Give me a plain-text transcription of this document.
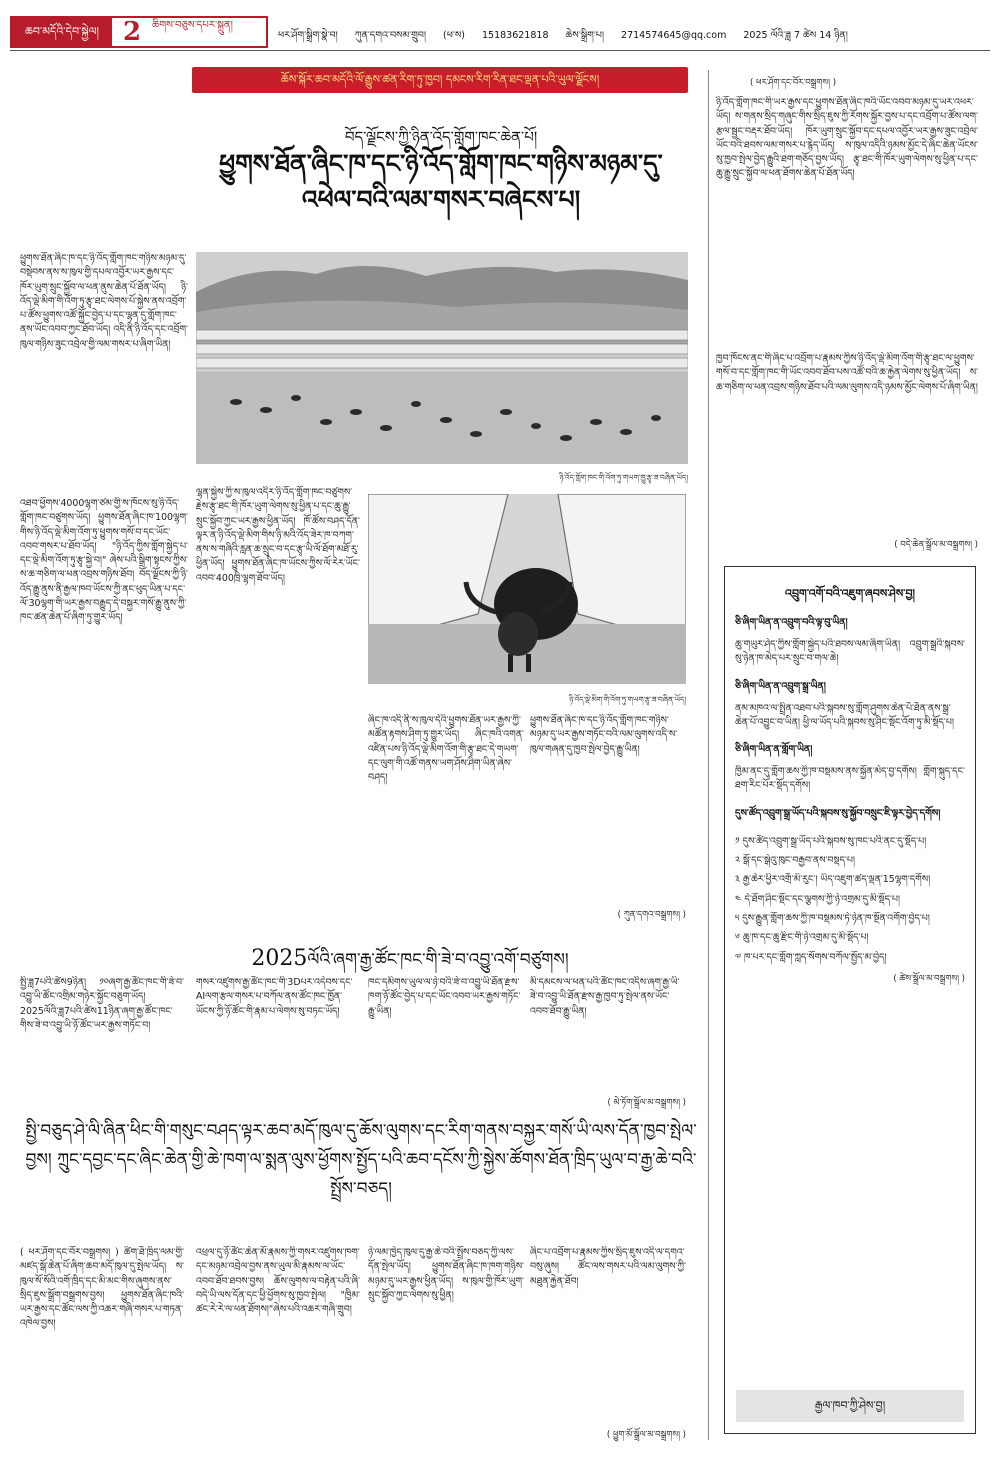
ཆབ་མདོའི་དེབ་སྐྱེལ། 2	ཆིགས་བཅུས་དཔར་སྐྲུན།
ཕར་ཤོག་སྒྲིག་སྣེ་བ། ཀུན་དགའ་བསམ་གྲུབ། (ཕ་ས) 15183621818 ཆེས་སྒྲིག་པ། 2714574645@qq.com 2025 ལོའི་ཟླ 7 ཚེས 14 ཉིན།
ཆོས་སྐོར་ཆབ་མདོའི་ལོ་རྒྱུས་ཚན་རིག་ཏུ་ཁྱབ། དམངས་རིག་རིན་ཐང་ལྡན་པའི་ཡུལ་ལྗོངས།
བོད་ལྗོངས་ཀྱི་ཉིན་འོད་གློག་ཁང་ཆེན་པོ།
ཕྱུགས་ཐོན་ཞིང་ཁ་དང་ཉི་འོད་གློག་ཁང་གཉིས་མཉམ་དུ་འཕེལ་བའི་ལམ་གསར་བཞེངས་པ།
ཕྱུགས་ཐོན་ཞིང་ཁ་དང་ཉི་འོད་གློག་ཁང་གཉིས་མཉམ་དུ་བསྡེབས་ནས་ས་ཁུལ་གྱི་དཔལ་འབྱོར་ཡར་རྒྱས་དང་ཁོར་ཡུག་སྲུང་སྐྱོབ་ལ་ཕན་ནུས་ཆེན་པོ་ཐོན་ཡོད། ཉི་འོད་ལྡེ་མིག་གི་འོག་ཏུ་རྩྭ་ཐང་ལེགས་པོ་སྐྱེས་ནས་འབྲོག་པ་ཚོས་ཕྱུགས་འཚོ་སྐྱོང་བྱེད་པ་དང་ལྷན་དུ་གློག་ཁང་ནས་ཡོང་འབབ་ཀྱང་ཐོབ་ཡོད། འདི་ནི་ཉི་འོད་དང་འབྲོག་ཁུལ་གཉིས་ཟུང་འབྲེལ་གྱི་ལམ་གསར་པ་ཞིག་ཡིན།
ཉི་འོད་གློག་ཁང་གི་འོག་ཏུ་གཡག་ཁྱུ་རྩྭ་ཟ་བཞིན་ཡོད།
འཐབ་ཕྱོགས་4000ལྷག་ཙམ་གྱི་ས་ཁོངས་སུ་ཉི་འོད་གློག་ཁང་བཙུགས་ཡོད། ཕྱུགས་ཐོན་ཞིང་ཁ་100ལྷག་གིས་ཉི་འོད་ལྡེ་མིག་འོག་ཏུ་ཕྱུགས་གསོ་བ་དང་ཡོང་འབབ་གསར་པ་ཐོབ་ཡོད། "ཉི་འོད་ཀྱིས་གློག་སྐྱེད་པ་དང་ལྡེ་མིག་འོག་ཏུ་རྩྭ་སྐྱེ་བ།" ཞེས་པའི་སྒྲིག་སྟངས་ཀྱིས་ས་ཆ་གཅིག་ལ་ཕན་འབྲས་གཉིས་ཐོབ། བོད་ལྗོངས་ཀྱི་ཉི་འོད་རྒྱུ་ནུས་ནི་རྒྱལ་ཁབ་ཡོངས་ཀྱི་ནང་ཕུད་ཡིན་པ་དང་ལོ་30ལྷག་གི་ཡར་རྒྱས་བརྒྱུད་དེ་བསྐྱར་གསོ་རྒྱུ་ནུས་ཀྱི་ཁང་ཚན་ཆེན་པོ་ཞིག་ཏུ་གྱུར་ཡོད།
ལྷན་སྐྱེས་ཀྱི་ས་ཁུལ་འདིར་ཉི་འོད་གློག་ཁང་བཙུགས་རྗེས་རྩྭ་ཐང་གི་ཁོར་ཡུག་ལེགས་སུ་ཕྱིན་པ་དང་ཆུ་རྒྱུ་སྲུང་སྐྱོབ་ཀྱང་ཡར་རྒྱས་ཕྱིན་ཡོད། ཁོ་ཚོས་བཤད་དོན་ལྟར་ན་ཉི་འོད་ལྡེ་མིག་གིས་ཉི་མའི་འོད་ཟེར་ཁ་བཀག་ནས་ས་གཞིའི་རླན་ཆ་སྲུང་བ་དང་རྩྭ་ཡི་ལོ་ཐོག་མཐོ་རུ་ཕྱིན་ཡོད། ཕྱུགས་ཐོན་ཞིང་ཁ་ཡོངས་ཀྱིས་ལོ་རེར་ཡོང་འབབ་400ཁྲི་ལྷག་ཐོབ་ཡོད།
ཉི་འོད་ལྡེ་མིག་གི་འོག་ཏུ་གཡག་རྩྭ་ཟ་བཞིན་ཡོད།
ཞིང་ཁ་འདི་ནི་ས་ཁུལ་དེའི་ཕྱུགས་ཐོན་ཡར་རྒྱས་ཀྱི་མཚོན་རྟགས་ཤིག་ཏུ་གྱུར་ཡོད། ཞིང་ཁའི་འགན་འཛིན་པས་ཉི་འོད་ལྡེ་མིག་འོག་གི་རྩྭ་ཐང་དེ་གཡག་དང་ལུག་གི་འཚོ་གནས་ཡག་ཤོས་ཤིག་ཡིན་ཞེས་བཤད།
ཕྱུགས་ཐོན་ཞིང་ཁ་དང་ཉི་འོད་གློག་ཁང་གཉིས་མཉམ་དུ་ཡར་རྒྱས་གཏོང་བའི་ལམ་ལུགས་འདི་ས་ཁུལ་གཞན་དུ་ཁྱབ་སྤེལ་བྱེད་རྒྱུ་ཡིན།
( ཀུན་དགའ་བསྒྲགས། )
2025ལོའི་ཞག་རྒྱ་ཚོང་ཁང་གི་ཟེ་བ་འབྱུ་འགོ་བཙུགས།
སྤྱི་ཟླ7པའི་ཚེས9ཉིན། ༡༠ཞག་རྒྱ་ཚོང་ཁང་གི་ཟེ་བ་འབྱུ་ཡི་ཚོང་འགྲིམ་གཉེར་སྐྱོང་བཅུག་ཡོད། 2025ལོའི་ཟླ7པའི་ཚེས11ཉིན་ཞག་རྒྱ་ཚོང་ཁང་གིས་ཟེ་བ་འབྱུ་ཡི་ཉོ་ཚོང་ཡར་རྒྱས་གཏོང་བ།
གསར་འཛུགས་རྒྱ་ཚོང་ཁང་གི་3Dཔར་འདེབས་དང་AIལག་རྩལ་གསར་པ་བཀོལ་ནས་ཚོང་ཁང་ཁྱོན་ཡོངས་ཀྱི་ཉོ་ཚོང་གི་རྣམ་པ་ལེགས་སུ་བཏང་ཡོད།
ཁང་དམིགས་ཡུལ་ལ་ཉེ་བའི་ཟེ་བ་འབྱུ་ཡི་ཐོན་རྫས་ཁག་ཉོ་ཚོང་བྱེད་པ་དང་ཡོང་འབབ་ཡར་རྒྱས་གཏོང་རྒྱུ་ཡིན།
མི་དམངས་ལ་ཕན་པའི་ཚོང་ཁང་འདིས་ཞག་རྒྱ་ཡི་ཟེ་བ་འབྱུ་ཡི་ཐོན་རྫས་རྒྱ་ཁྱབ་ཏུ་སྤེལ་ནས་ཡོང་འབབ་ཐོབ་རྒྱུ་ཡིན།
( མེ་ཏོག་སྒྲོལ་མ་བསྒྲགས། )
སྤྱི་བཅུད་ཤེ་ལི་ཞིན་ཕིང་གི་གསུང་བཤད་ལྟར་ཆབ་མདོ་ཁུལ་དུ་ཆོས་ལུགས་དང་རིག་གནས་བསྐྱར་གསོ་ཡི་ལས་དོན་ཁྱབ་སྤེལ་བྱས། ཀྲུང་དབྱང་དང་ཞིང་ཆེན་གྱི་ཆེ་ཁག་ལ་སྨན་ལུས་ཕྱོགས་སྤྱོད་པའི་ཆབ་དངོས་ཀྱི་སྐྱེས་ཚོགས་ཐོན་ཁྲིད་ཡུལ་བ་རྒྱ་ཆེ་བའི་སྤྲོས་བཅད།
( ཕར་ཤོག་དང་བོར་བསྒྲགས། ) ཚིག་ཐོ་ཁྲིད་ལམ་གྱི་མཛད་སྒོ་ཆེན་པོ་ཞིག་ཆབ་མདོ་ཁུལ་དུ་སྤེལ་ཡོད། ས་ཁུལ་སོ་སོའི་འགོ་ཁྲིད་དང་མི་མང་གིས་ཞུགས་ནས་སྲིད་ཇུས་སྒྲོག་བསྒྲགས་བྱས། ཕྱུགས་ཐོན་ཞིང་ཁའི་ཡར་རྒྱས་དང་ཚོང་ལས་ཀྱི་འཆར་གཞི་གསར་པ་གཏན་འཁེལ་བྱས།
འཕྲལ་དུ་ཉོ་ཚོང་ཆེན་མོ་རྣམས་ཀྱི་གསར་འཛུགས་ཁག་དང་མཉམ་འབྲེལ་བྱས་ནས་ཡུལ་མི་རྣམས་ལ་ཡོང་འབབ་ཐོབ་ཐབས་བྱས། ཆོས་ལུགས་ལ་བརྟེན་པའི་ཞི་བདེ་ཡི་ལས་དོན་དང་ཕྱི་ཕྱོགས་སུ་ཁྱབ་སྤེལ། "ཁྱིམ་ཚང་རེ་རེ་ལ་ཕན་ཐོགས།"ཞེས་པའི་འཆར་གཞི་གྲུབ།
ཉེ་ལམ་ཁྱེད་ཁུལ་དུ་རྒྱ་ཆེ་བའི་སྤྲོས་བཅད་ཀྱི་ལས་དོན་སྤེལ་ཡོད། ཕྱུགས་ཐོན་ཞིང་ཁ་ཁག་གཉིས་མཉམ་དུ་ཡར་རྒྱས་ཕྱིན་ཡོད། ས་ཁུལ་གྱི་ཁོར་ཡུག་སྲུང་སྐྱོབ་ཀྱང་ལེགས་སུ་ཕྱིན།
ཞིང་པ་འབྲོག་པ་རྣམས་ཀྱིས་སྲིད་ཇུས་འདི་ལ་དགའ་བསུ་ཞུས། ཚོང་ལས་གསར་པའི་ལམ་ལུགས་ཀྱི་མཐུན་རྐྱེན་ཐོབ།
( ཕྱུག་མོ་སྒྲོལ་མ་བསྒྲགས། )
( ཕར་ཤོག་དང་བོར་བསྒྲགས། )
ཉི་འོད་གློག་ཁང་གི་ཡར་རྒྱས་དང་ཕྱུགས་ཐོན་ཞིང་ཁའི་ཡོང་འབབ་མཉམ་དུ་ཡར་འཕར་ཡོད། ས་གནས་སྲིད་གཞུང་གིས་སྲིད་ཇུས་ཀྱི་རོགས་སྐྱོར་བྱས་པ་དང་འབྲོག་པ་ཚོས་ལག་རྩལ་སྦྱང་བརྡར་ཐོབ་ཡོད། ཁོར་ཡུག་སྲུང་སྐྱོབ་དང་དཔལ་འབྱོར་ཡར་རྒྱས་ཟུང་འབྲེལ་ཡོང་བའི་ཐབས་ལམ་གསར་པ་རྙེད་ཡོད། ས་ཁུལ་འདིའི་ཉམས་མྱོང་དེ་ཞིང་ཆེན་ཡོངས་སུ་ཁྱབ་སྤེལ་བྱེད་རྒྱུའི་ཐག་གཅོད་བྱས་ཡོད། རྩྭ་ཐང་གི་ཁོར་ཡུག་ལེགས་སུ་ཕྱིན་པ་དང་ཆུ་རྒྱུ་སྲུང་སྐྱོབ་ལ་ཕན་ཐོགས་ཆེན་པོ་ཐོན་ཡོད།
ཁྱབ་ཁོངས་ནང་གི་ཞིང་པ་འབྲོག་པ་རྣམས་ཀྱིས་ཉི་འོད་ལྡེ་མིག་འོག་གི་རྩྭ་ཐང་ལ་ཕྱུགས་གསོ་བ་དང་གློག་ཁང་གི་ཡོང་འབབ་ཐོབ་པས་འཚོ་བའི་ཆ་རྐྱེན་ལེགས་སུ་ཕྱིན་ཡོད། ས་ཆ་གཅིག་ལ་ཕན་འབྲས་གཉིས་ཐོབ་པའི་ལམ་ལུགས་འདི་ཉམས་མྱོང་ལེགས་པོ་ཞིག་ཡིན།
( བདེ་ཆེན་སྒྲོལ་མ་བསྒྲགས། )
འབྲུག་འགོ་བའི་འཇུག་ཞབས་ཤེས་བྱ།
ཅི་ཞིག་ཡིན་ན་འབྲུག་བའི་ལྟ་བུ་ཡིན།
ཆུ་གཡུར་ཤེད་ཀྱིས་གློག་སྐྱེད་པའི་ཐབས་ལམ་ཞིག་ཡིན། འབྲུག་སྒྲའི་སྐབས་སུ་ཉེན་ཁ་མེད་པར་སྲུང་བ་གལ་ཆེ།
ཅི་ཞིག་ཡིན་ན་འབྲུག་སྒྲ་ཡིན།
ནམ་མཁའ་ལ་སྤྲིན་འཐབ་པའི་སྐབས་སུ་གློག་ཤུགས་ཆེན་པོ་ཐོན་ནས་སྒྲ་ཆེན་པོ་འབྱུང་བ་ཡིན། ཕྱི་ལ་ཡོད་པའི་སྐབས་སུ་ཤིང་སྡོང་འོག་ཏུ་མི་སྡོད་པ།
ཅི་ཞིག་ཡིན་ན་གློག་ཡིན།
ཁྱིམ་ནང་དུ་གློག་ཆས་ཀྱི་ཁ་བསྡམས་ནས་སྐྱོན་མེད་བྱ་དགོས། གློག་སྐུད་དང་ཐག་རིང་པོར་སྡོད་དགོས།
དུས་ཚོད་འབྲུག་སྒྲ་ཡོད་པའི་སྐབས་སུ་སྐྱོབ་བསྲུང་ཇི་ལྟར་བྱེད་དགོས།
༡ དུས་ཚོད་འབྲུག་སྒྲ་ཡོད་པའི་སྐབས་སུ་ཁང་པའི་ནང་དུ་སྡོད་པ།
༢ སྒོ་དང་སྒེའུ་ཁུང་བརྒྱབ་ནས་བསྡད་པ།
༣ རྒྱ་ཆེར་ཕྱིར་འགྲོ་མི་རུང་། ཡིད་འཇུག་ཚད་ལྡན་15ལྷག་དགོས།
༤ དེ་ཐོག་ཤིང་སྡོང་དང་ལྕགས་ཀྱི་ཉེ་འགྲམ་དུ་མི་སྡོད་པ།
༥ དུས་རྒྱུན་གློག་ཆས་ཀྱི་ཁ་བསྡམས་ཏེ་ཉེན་ཁ་སྔོན་འགོག་བྱེད་པ།
༦ ཆུ་ཁ་དང་ཆུ་རྫིང་གི་ཉེ་འགྲམ་དུ་མི་སྡོད་པ།
༧ ཁ་པར་དང་གློག་ཀླད་སོགས་བཀོལ་སྤྱོད་མ་བྱེད།
( ཚེས་སྒྲོལ་མ་བསྒྲགས། )
རྒྱལ་ཁབ་ཀྱི་ཤེས་བྱ།
